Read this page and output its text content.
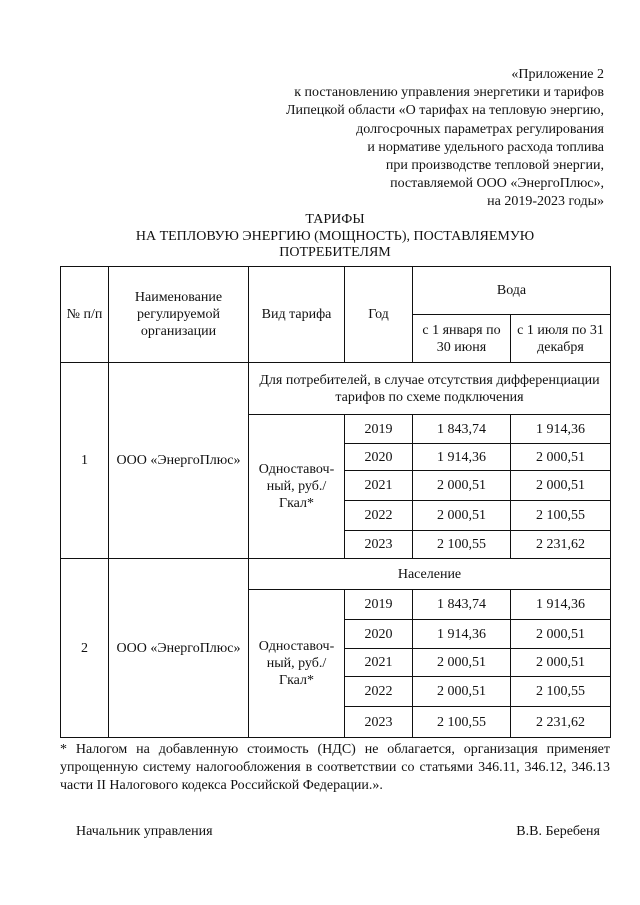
«Приложение 2
к постановлению управления энергетики и тарифов
Липецкой области «О тарифах на тепловую энергию,
долгосрочных параметрах регулирования
и нормативе удельного расхода топлива
при производстве тепловой энергии,
поставляемой ООО «ЭнергоПлюс»,
на 2019-2023 годы»
ТАРИФЫ
НА ТЕПЛОВУЮ ЭНЕРГИЮ (МОЩНОСТЬ), ПОСТАВЛЯЕМУЮ
ПОТРЕБИТЕЛЯМ
№ п/п	Наименование регулируемой организации	Вид тарифа	Год	Вода	
				с 1 января по 30 июня	с 1 июля по 31 декабря
1	ООО «ЭнергоПлюс»	Для потребителей, в случае отсутствия дифференциации тарифов по схеме подключения			
		Одноставоч-ный, руб./Гкал*	2019	1 843,74	1 914,36
			2020	1 914,36	2 000,51
			2021	2 000,51	2 000,51
			2022	2 000,51	2 100,55
			2023	2 100,55	2 231,62
2	ООО «ЭнергоПлюс»	Население			
		Одноставоч-ный, руб./Гкал*	2019	1 843,74	1 914,36
			2020	1 914,36	2 000,51
			2021	2 000,51	2 000,51
			2022	2 000,51	2 100,55
			2023	2 100,55	2 231,62
* Налогом на добавленную стоимость (НДС) не облагается, организация применяет упрощенную систему налогообложения в соответствии со статьями 346.11, 346.12, 346.13 части II Налогового кодекса Российской Федерации.».
Начальник управления	В.В. Беребеня
